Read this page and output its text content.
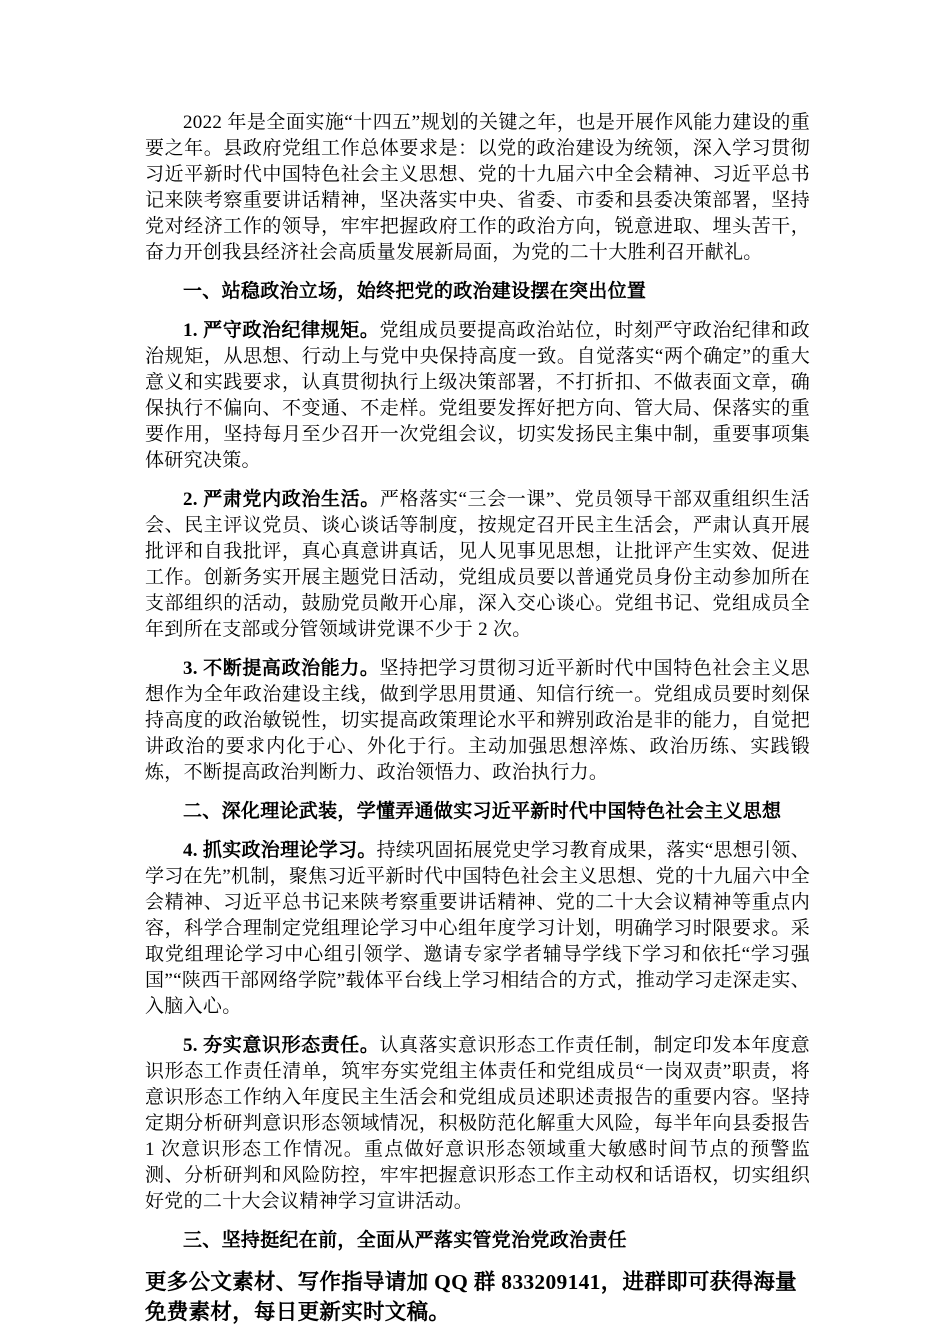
2022 年是全面实施“十四五”规划的关键之年，也是开展作风能力建设的重要之年。县政府党组工作总体要求是：以党的政治建设为统领，深入学习贯彻习近平新时代中国特色社会主义思想、党的十九届六中全会精神、习近平总书记来陕考察重要讲话精神，坚决落实中央、省委、市委和县委决策部署，坚持党对经济工作的领导，牢牢把握政府工作的政治方向，锐意进取、埋头苦干，奋力开创我县经济社会高质量发展新局面，为党的二十大胜利召开献礼。

一、站稳政治立场，始终把党的政治建设摆在突出位置

1. 严守政治纪律规矩。党组成员要提高政治站位，时刻严守政治纪律和政治规矩，从思想、行动上与党中央保持高度一致。自觉落实“两个确定”的重大意义和实践要求，认真贯彻执行上级决策部署，不打折扣、不做表面文章，确保执行不偏向、不变通、不走样。党组要发挥好把方向、管大局、保落实的重要作用，坚持每月至少召开一次党组会议，切实发扬民主集中制，重要事项集体研究决策。

2. 严肃党内政治生活。严格落实“三会一课”、党员领导干部双重组织生活会、民主评议党员、谈心谈话等制度，按规定召开民主生活会，严肃认真开展批评和自我批评，真心真意讲真话，见人见事见思想，让批评产生实效、促进工作。创新务实开展主题党日活动，党组成员要以普通党员身份主动参加所在支部组织的活动，鼓励党员敞开心扉，深入交心谈心。党组书记、党组成员全年到所在支部或分管领域讲党课不少于 2 次。

3. 不断提高政治能力。坚持把学习贯彻习近平新时代中国特色社会主义思想作为全年政治建设主线，做到学思用贯通、知信行统一。党组成员要时刻保持高度的政治敏锐性，切实提高政策理论水平和辨别政治是非的能力，自觉把讲政治的要求内化于心、外化于行。主动加强思想淬炼、政治历练、实践锻炼，不断提高政治判断力、政治领悟力、政治执行力。

二、深化理论武装，学懂弄通做实习近平新时代中国特色社会主义思想

4. 抓实政治理论学习。持续巩固拓展党史学习教育成果，落实“思想引领、学习在先”机制，聚焦习近平新时代中国特色社会主义思想、党的十九届六中全会精神、习近平总书记来陕考察重要讲话精神、党的二十大会议精神等重点内容，科学合理制定党组理论学习中心组年度学习计划，明确学习时限要求。采取党组理论学习中心组引领学、邀请专家学者辅导学线下学习和依托“学习强国”“陕西干部网络学院”载体平台线上学习相结合的方式，推动学习走深走实、入脑入心。

5. 夯实意识形态责任。认真落实意识形态工作责任制，制定印发本年度意识形态工作责任清单，筑牢夯实党组主体责任和党组成员“一岗双责”职责，将意识形态工作纳入年度民主生活会和党组成员述职述责报告的重要内容。坚持定期分析研判意识形态领域情况，积极防范化解重大风险，每半年向县委报告 1 次意识形态工作情况。重点做好意识形态领域重大敏感时间节点的预警监测、分析研判和风险防控，牢牢把握意识形态工作主动权和话语权，切实组织好党的二十大会议精神学习宣讲活动。

三、坚持挺纪在前，全面从严落实管党治党政治责任

更多公文素材、写作指导请加 QQ 群 833209141，进群即可获得海量免费素材，每日更新实时文稿。
